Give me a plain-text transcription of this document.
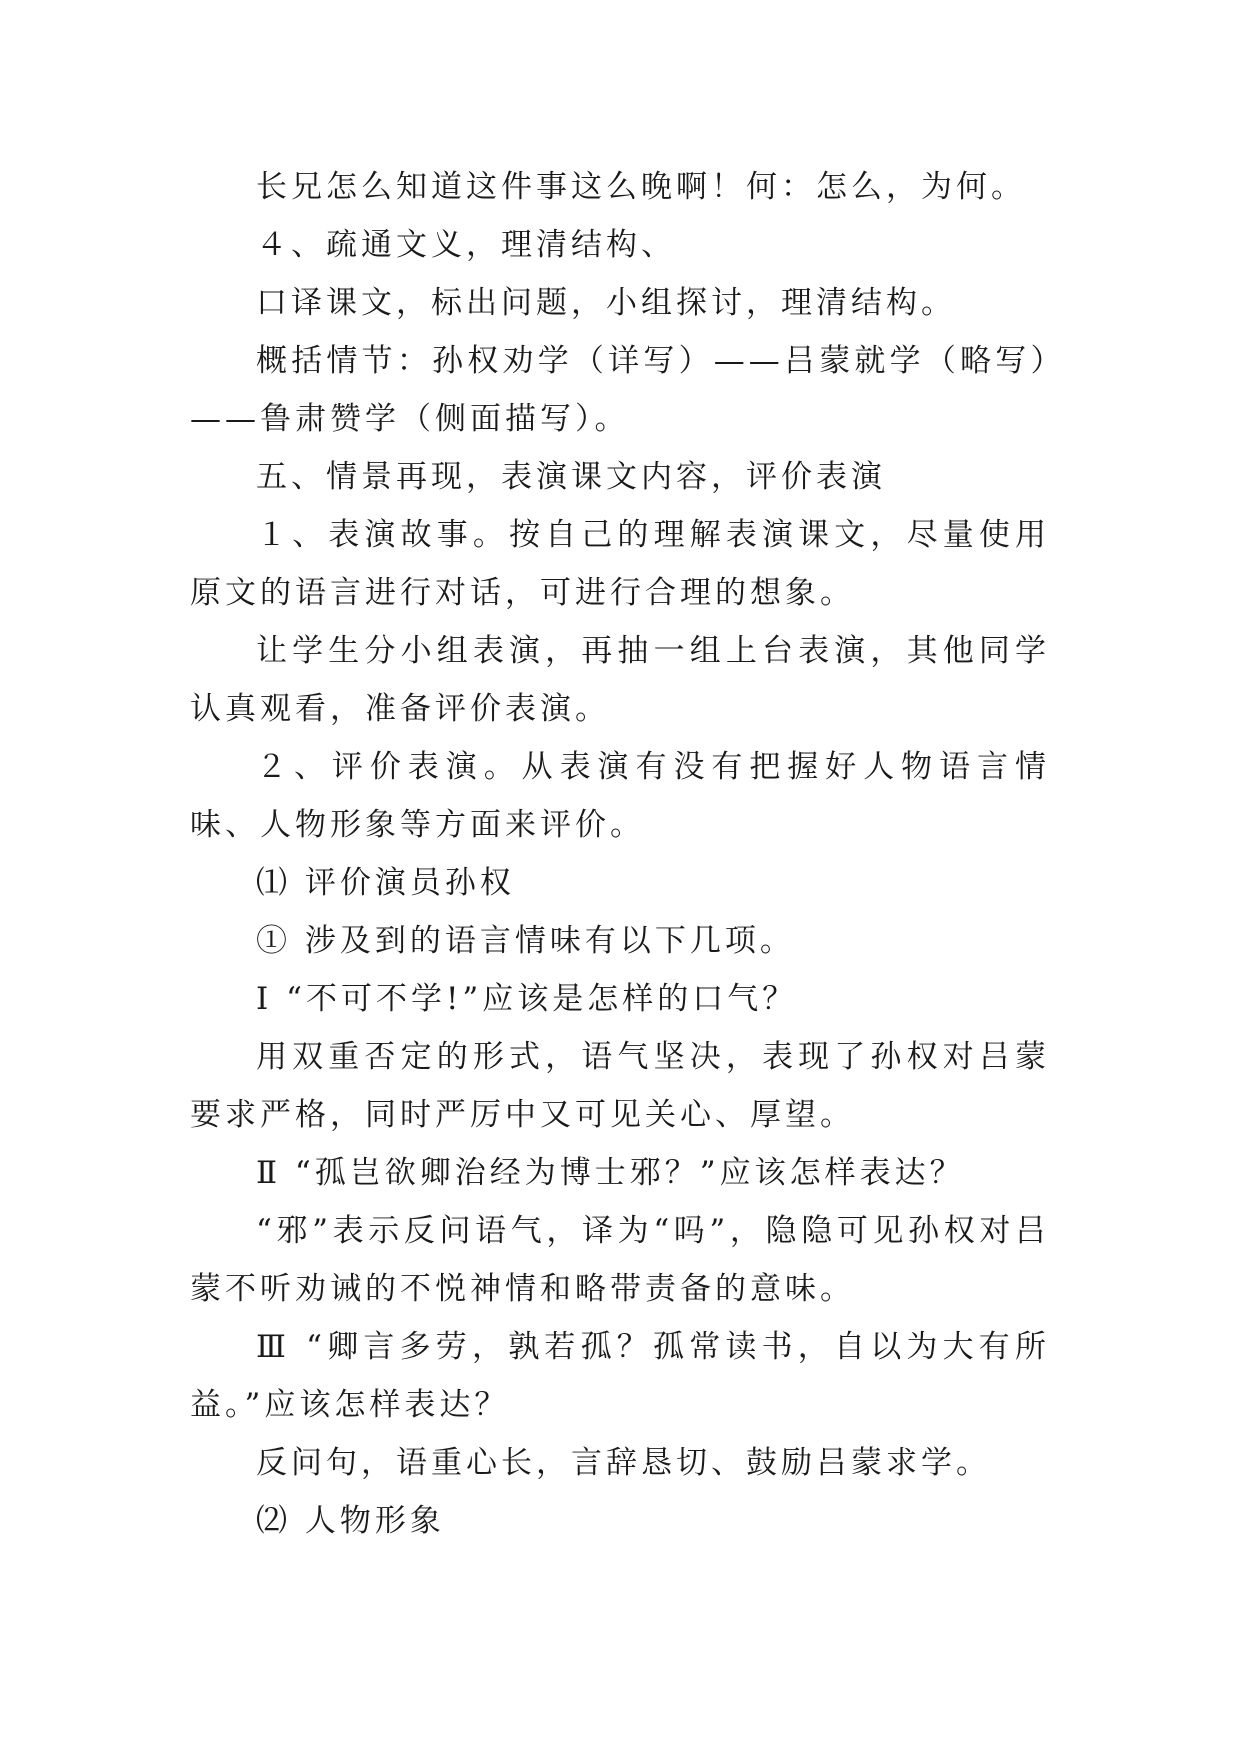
长兄怎么知道这件事这么晚啊！何：怎么，为何。

４、疏通文义，理清结构、

口译课文，标出问题，小组探讨，理清结构。

概括情节：孙权劝学（详写）——吕蒙就学（略写）——鲁肃赞学（侧面描写）。

五、情景再现，表演课文内容，评价表演

１、表演故事。按自己的理解表演课文，尽量使用原文的语言进行对话，可进行合理的想象。

让学生分小组表演，再抽一组上台表演，其他同学认真观看，准备评价表演。

２、评价表演。从表演有没有把握好人物语言情味、人物形象等方面来评价。

⑴ 评价演员孙权

① 涉及到的语言情味有以下几项。

Ⅰ “不可不学!”应该是怎样的口气？

用双重否定的形式，语气坚决，表现了孙权对吕蒙要求严格，同时严厉中又可见关心、厚望。

Ⅱ “孤岂欲卿治经为博士邪？”应该怎样表达？

“邪”表示反问语气，译为“吗”，隐隐可见孙权对吕蒙不听劝诫的不悦神情和略带责备的意味。

Ⅲ “卿言多劳，孰若孤？孤常读书，自以为大有所益。”应该怎样表达？

反问句，语重心长，言辞恳切、鼓励吕蒙求学。

⑵ 人物形象
